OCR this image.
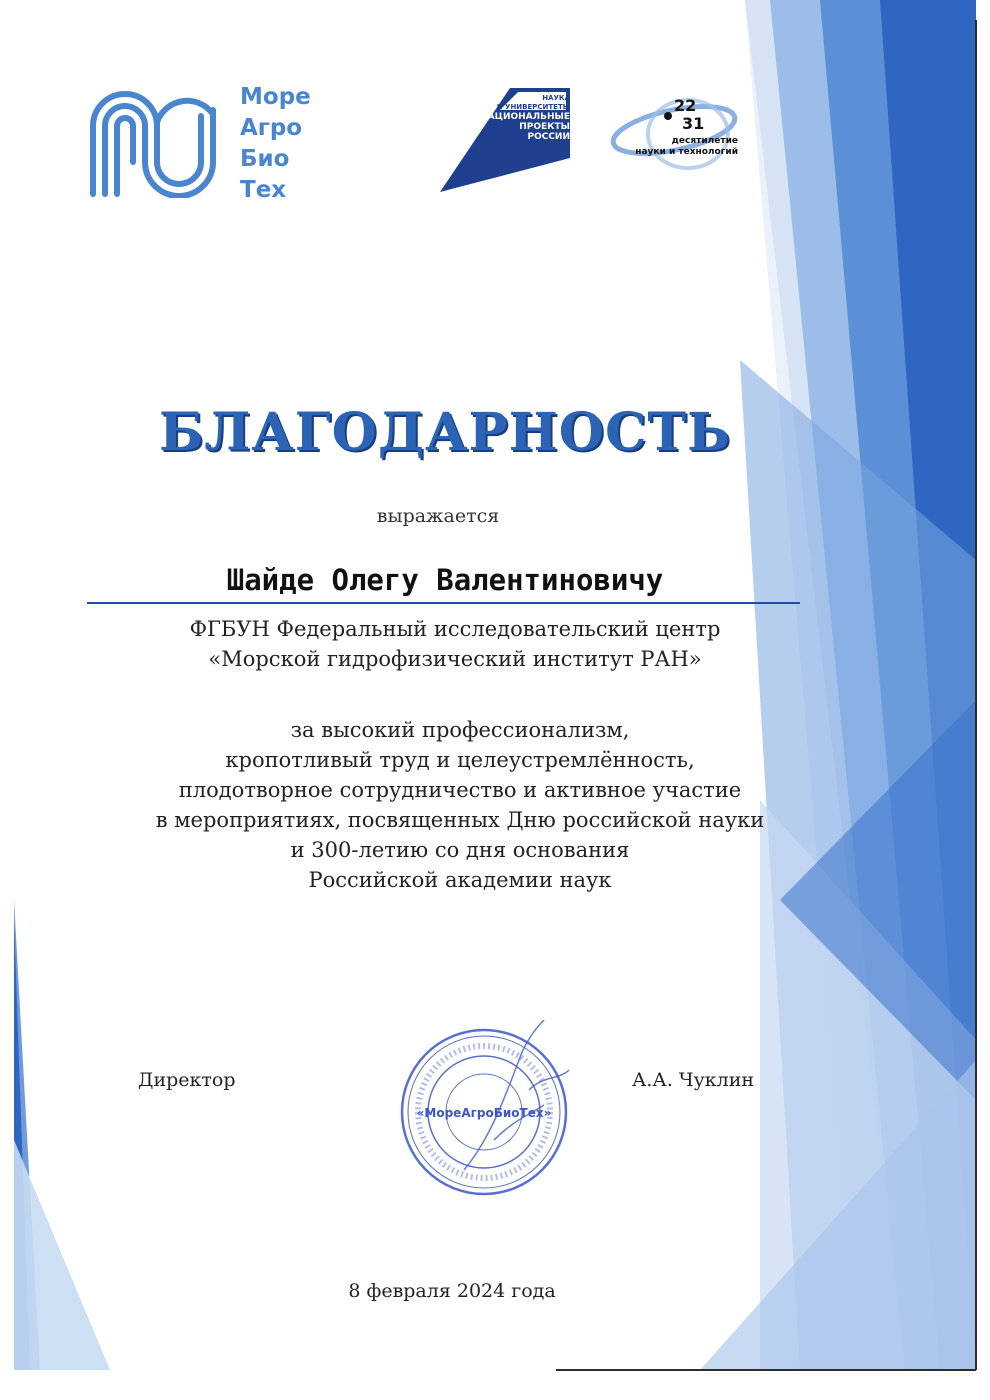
Море
Агро
Био
Тех
НАУКА
И УНИВЕРСИТЕТЫ
НАЦИОНАЛЬНЫЕ
ПРОЕКТЫ
РОССИИ
22
31
десятилетие
науки и технологий
БЛАГОДАРНОСТЬ
выражается
Шайде Олегу Валентиновичу
ФГБУН Федеральный исследовательский центр
«Морской гидрофизический институт РАН»
за высокий профессионализм,
кропотливый труд и целеустремлённость,
плодотворное сотрудничество и активное участие
в мероприятиях, посвященных Дню российской науки
и 300-летию со дня основания
Российской академии наук
Директор
«МореАгроБиоТех»
А.А. Чуклин
8 февраля 2024 года
